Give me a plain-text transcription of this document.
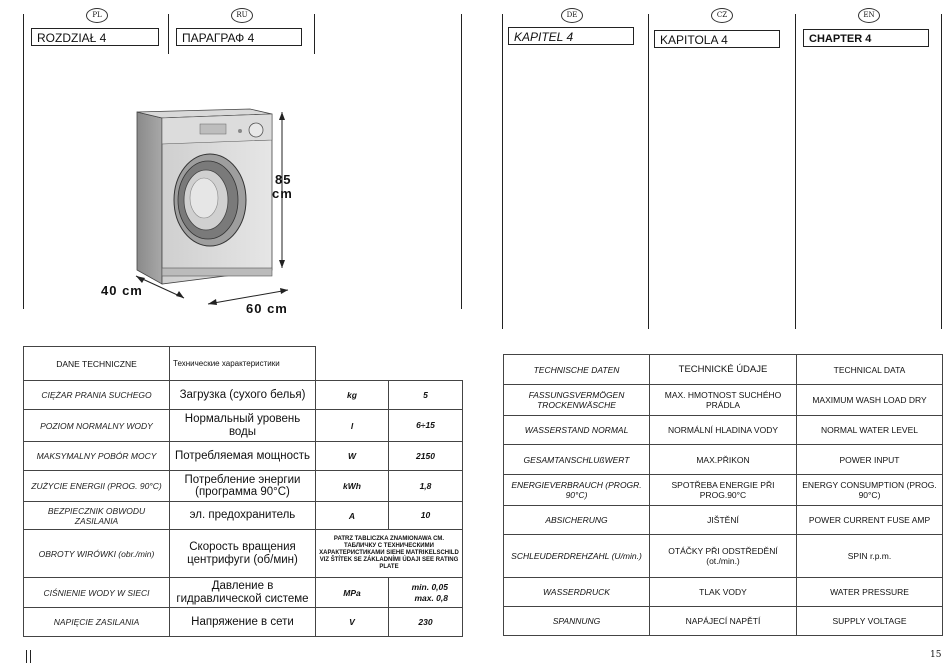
PL	RU	DE	CZ	EN
ROZDZIAŁ 4	ПАРАГРАФ 4	KAPITEL 4	KAPITOLA 4	CHAPTER 4
85
cm
40 cm
60 cm
DANE TECHNICZNE	Технические характеристики		
CIĘŻAR PRANIA SUCHEGO	Загрузка (сухого белья)	kg	5
POZIOM NORMALNY WODY	Нормальный уровень воды	l	6÷15
MAKSYMALNY POBÓR MOCY	Потребляемая мощность	W	2150
ZUŻYCIE ENERGII (PROG. 90°C)	Потребление энергии (программа 90°C)	kWh	1,8
BEZPIECZNIK OBWODU ZASILANIA	эл. предохранитель	A	10
OBROTY WIRÓWKI (obr./min)	Скорость вращения центрифуги (об/мин)	PATRZ TABLICZKA ZNAMIONAWA СМ. ТАБЛИЧКУ С ТЕХНИЧЕСКИМИ ХАРАКТЕРИСТИКАМИ SIEHE MATRIKELSCHILD VIZ ŠTÍTEK SE ZÁKLADNÍMI ÚDAJI SEE RATING PLATE	
CIŚNIENIE WODY W SIECI	Давление в гидравлической системе	MPa	min. 0,05
max. 0,8

NAPIĘCIE ZASILANIA	Напряжение в сети	V	230
TECHNISCHE DATEN	TECHNICKÉ ÚDAJE	TECHNICAL DATA
FASSUNGSVERMÖGEN TROCKENWÄSCHE	MAX. HMOTNOST SUCHÉHO PRÁDLA	MAXIMUM WASH LOAD DRY
WASSERSTAND NORMAL	NORMÁLNÍ HLADINA VODY	NORMAL WATER LEVEL
GESAMTANSCHLUßWERT	MAX.PŘIKON	POWER INPUT
ENERGIEVERBRAUCH (PROGR. 90°C)	SPOTŘEBA ENERGIE PŘI PROG.90°C	ENERGY CONSUMPTION (PROG. 90°C)
ABSICHERUNG	JIŠTĚNÍ	POWER CURRENT FUSE AMP
SCHLEUDERDREHZAHL (U/min.)	OTÁČKY PŘI ODSTŘEDĚNÍ (ot./min.)	SPIN r.p.m.
WASSERDRUCK	TLAK VODY	WATER PRESSURE
SPANNUNG	NAPÁJECÍ NAPĚTÍ	SUPPLY VOLTAGE
15
